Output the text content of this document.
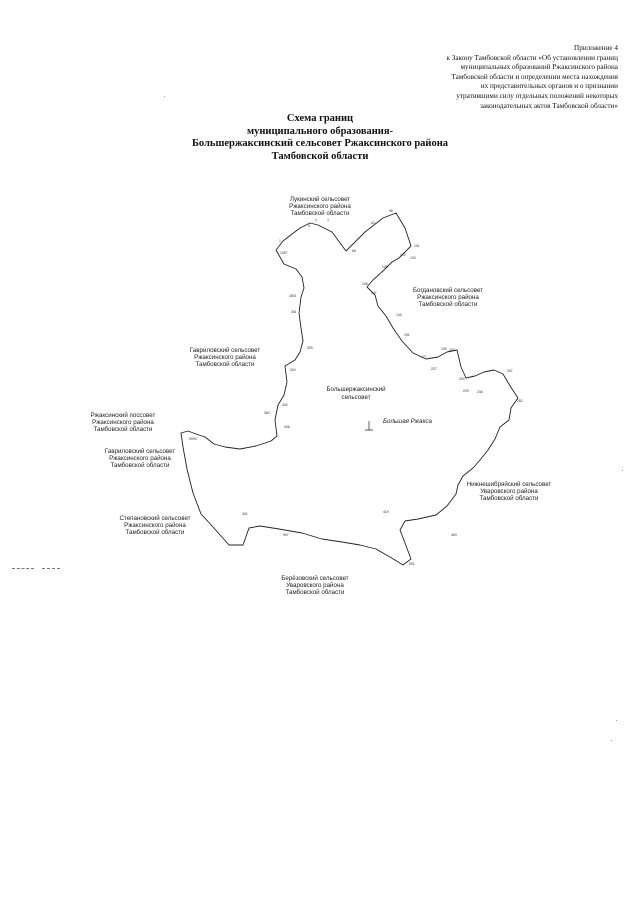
Приложение 4
к Закону Тамбовской области «Об установлении границ
муниципальных образований Ржаксинского района
Тамбовской области и определении места нахождения
их представительных органов и о признании
утратившими силу отдельных положений некоторых
законодательных актов Тамбовской области»
Схема границ
муниципального образования-
Большержаксинский сельсовет Ржаксинского района
Тамбовской области
Большая Ржакса
Большержаксинский
сельсовет
Лукинский сельсовет
Ржаксинского района
Тамбовской области
Богдановский сельсовет
Ржаксинского района
Тамбовской области
Гавриловский сельсовет
Ржаксинского района
Тамбовской области
Ржаксинский поссовет
Ржаксинского района
Тамбовской области
Гавриловский сельсовет
Ржаксинского района
Тамбовской области
Степановский сельсовет
Ржаксинского района
Тамбовской области
Берёзовский сельсовет
Уваровского района
Тамбовской области
Нижнешибряйский сельсовет
Уваровского района
Тамбовской области
T	T
1
6
63
66
96
101
102
103
105
106
140
147
151
177
190
200
227
229
240
246
267
282
304
309
340
346
360
361
401	419
463
501
557
1057
1801
9093
